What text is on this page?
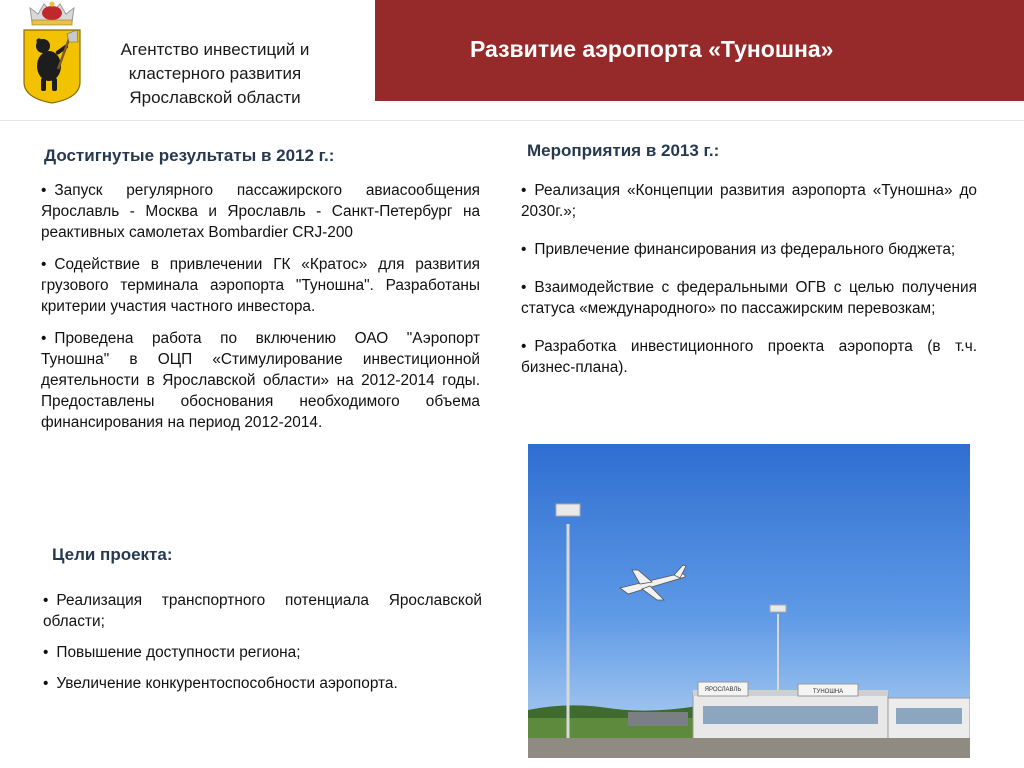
Агентство инвестиций и кластерного развития Ярославской области
Развитие аэропорта «Туношна»
Достигнутые результаты в 2012 г.:
• Запуск регулярного пассажирского авиасообщения Ярославль - Москва и Ярославль - Санкт-Петербург на реактивных самолетах Bombardier CRJ-200
• Содействие в привлечении ГК «Кратос» для развития грузового терминала аэропорта "Туношна". Разработаны критерии участия частного инвестора.
• Проведена работа по включению ОАО "Аэропорт Туношна" в ОЦП «Стимулирование инвестиционной деятельности в Ярославской области» на 2012-2014 годы. Предоставлены обоснования необходимого объема финансирования на период 2012-2014.
Цели проекта:
• Реализация транспортного потенциала Ярославской области;
• Повышение доступности региона;
• Увеличение конкурентоспособности аэропорта.
Мероприятия в 2013 г.:
• Реализация «Концепции развития аэропорта «Туношна» до 2030г.»;
• Привлечение финансирования из федерального бюджета;
• Взаимодействие с федеральными ОГВ с целью получения статуса «международного» по пассажирским перевозкам;
• Разработка инвестиционного проекта аэропорта (в т.ч. бизнес-плана).
ТУНОШНА
ЯРОСЛАВЛЬ
